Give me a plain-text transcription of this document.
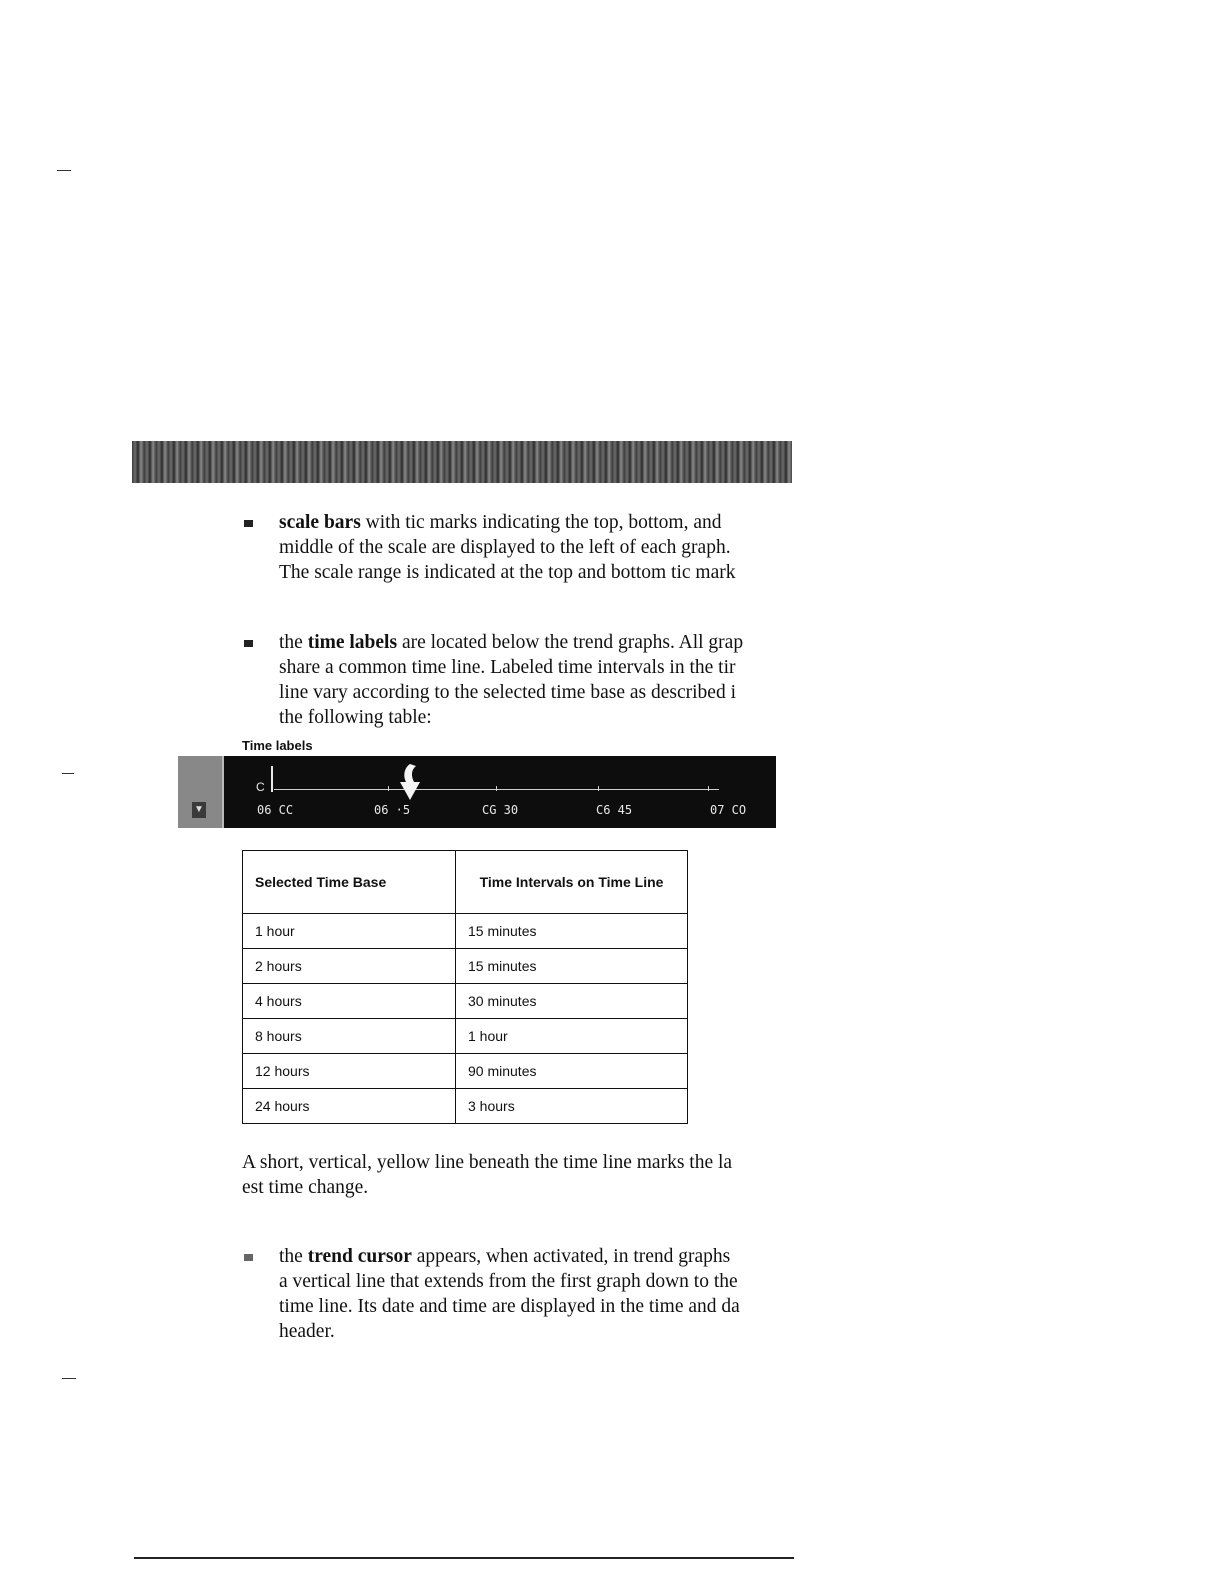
scale bars with tic marks indicating the top, bottom, and
middle of the scale are displayed to the left of each graph.
The scale range is indicated at the top and bottom tic mark
the time labels are located below the trend graphs. All grap
share a common time line. Labeled time intervals in the tir
line vary according to the selected time base as described i
the following table:
Time labels
▼
C
06 CC	06 ·5	CG 30	C6 45	07 CO
Selected Time Base	Time Intervals on Time Line
1 hour	15 minutes
2 hours	15 minutes
4 hours	30 minutes
8 hours	1 hour
12 hours	90 minutes
24 hours	3 hours
A short, vertical, yellow line beneath the time line marks the la
est time change.
the trend cursor appears, when activated, in trend graphs
a vertical line that extends from the first graph down to the
time line. Its date and time are displayed in the time and da
header.
